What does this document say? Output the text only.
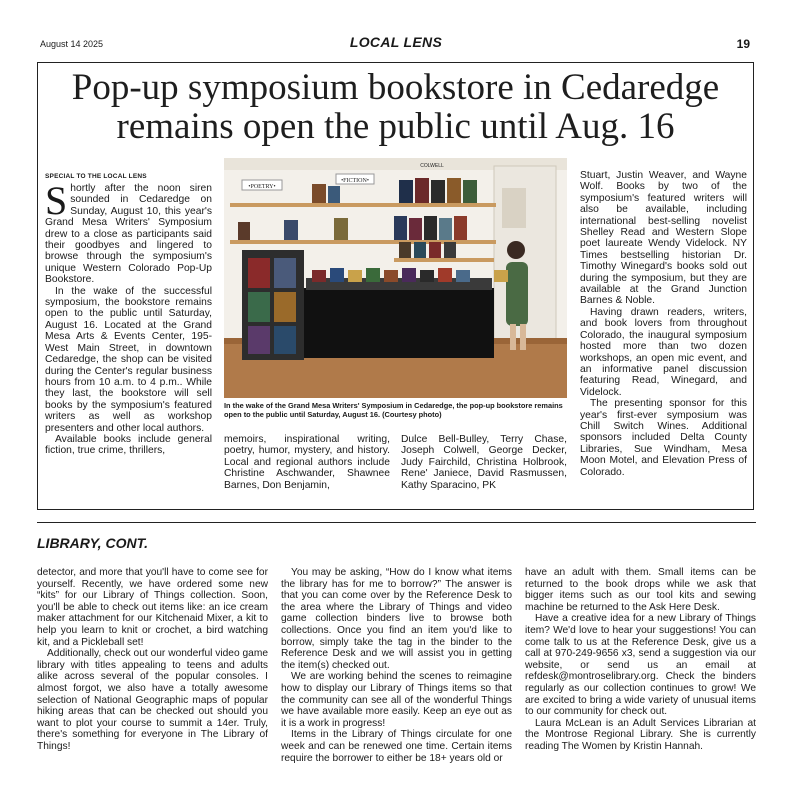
August 14 2025	LOCAL LENS	19
Pop-up symposium bookstore in Cedaredge
remains open the public until Aug. 16
SPECIAL TO THE LOCAL LENS

Shortly after the noon siren sounded in Cedaredge on Sunday, August 10, this year's Grand Mesa Writers' Symposium drew to a close as participants said their goodbyes and lingered to browse through the symposium's unique Western Colorado Pop-Up Bookstore.

In the wake of the successful symposium, the bookstore remains open to the public until Saturday, August 16. Located at the Grand Mesa Arts & Events Center, 195-West Main Street, in downtown Cedaredge, the shop can be visited during the Center's regular business hours from 10 a.m. to 4 p.m.. While they last, the bookstore will sell books by the symposium's featured writers as well as workshop presenters and other local authors.

Available books include general fiction, true crime, thrillers,

•POETRY•
•FICTION•
COLWELL
In the wake of the Grand Mesa Writers' Symposium in Cedaredge, the pop-up bookstore remains open to the public until Saturday, August 16. (Courtesy photo)

memoirs, inspirational writing, poetry, humor, mystery, and history. Local and regional authors include Christine Aschwander, Shawnee Barnes, Don Benjamin,

Dulce Bell-Bulley, Terry Chase, Joseph Colwell, George Decker, Judy Fairchild, Christina Holbrook, Rene' Janiece, David Rasmussen, Kathy Sparacino, PK

Stuart, Justin Weaver, and Wayne Wolf. Books by two of the symposium's featured writers will also be available, including international best-selling novelist Shelley Read and Western Slope poet laureate Wendy Videlock. NY Times bestselling historian Dr. Timothy Winegard's books sold out during the symposium, but they are available at the Grand Junction Barnes & Noble.

Having drawn readers, writers, and book lovers from throughout Colorado, the inaugural symposium hosted more than two dozen workshops, an open mic event, and an informative panel discussion featuring Read, Winegard, and Videlock.

The presenting sponsor for this year's first-ever symposium was Chill Switch Wines. Additional sponsors included Delta County Libraries, Sue Windham, Mesa Moon Motel, and Elevation Press of Colorado.

LIBRARY, CONT.

detector, and more that you'll have to come see for yourself. Recently, we have ordered some new “kits” for our Library of Things collection. Soon, you'll be able to check out items like: an ice cream maker attachment for our Kitchenaid Mixer, a kit to help you learn to knit or crochet, a bird watching kit, and a Pickleball set!

Additionally, check out our wonderful video game library with titles appealing to teens and adults alike across several of the popular consoles. I almost forgot, we also have a totally awesome selection of National Geographic maps of popular hiking areas that can be checked out should you want to plot your course to summit a 14er. Truly, there's something for everyone in The Library of Things!

You may be asking, “How do I know what items the library has for me to borrow?” The answer is that you can come over by the Reference Desk to the area where the Library of Things and video game collection binders live to browse both collections. Once you find an item you'd like to borrow, simply take the tag in the binder to the Reference Desk and we will assist you in getting the item(s) checked out.

We are working behind the scenes to reimagine how to display our Library of Things items so that the community can see all of the wonderful Things we have available more easily. Keep an eye out as it is a work in progress!

Items in the Library of Things circulate for one week and can be renewed one time. Certain items require the borrower to either be 18+ years old or

have an adult with them. Small items can be returned to the book drops while we ask that bigger items such as our tool kits and sewing machine be returned to the Ask Here Desk.

Have a creative idea for a new Library of Things item? We'd love to hear your suggestions! You can come talk to us at the Reference Desk, give us a call at 970-249-9656 x3, send a suggestion via our website, or send us an email at refdesk@montroselibrary.org. Check the binders regularly as our collection continues to grow! We are excited to bring a wide variety of unusual items to our community for check out.

Laura McLean is an Adult Services Librarian at the Montrose Regional Library. She is currently reading The Women by Kristin Hannah.
